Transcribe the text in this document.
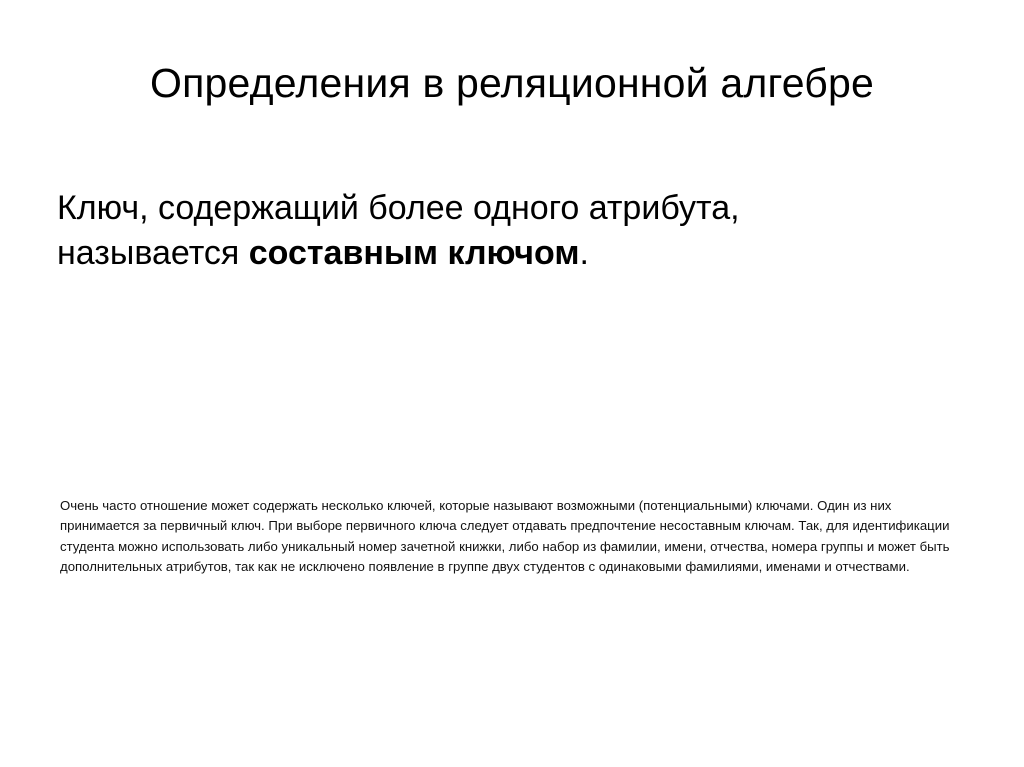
Определения в реляционной алгебре
Ключ, содержащий более одного атрибута, называется составным ключом.
Очень часто отношение может содержать несколько ключей, которые называют возможными (потенциальными) ключами. Один из них принимается за первичный ключ. При выборе первичного ключа следует отдавать предпочтение несоставным ключам. Так, для идентификации студента можно использовать либо уникальный номер зачетной книжки, либо набор из фамилии, имени, отчества, номера группы и может быть дополнительных атрибутов, так как не исключено появление в группе двух студентов с одинаковыми фамилиями, именами и отчествами.
